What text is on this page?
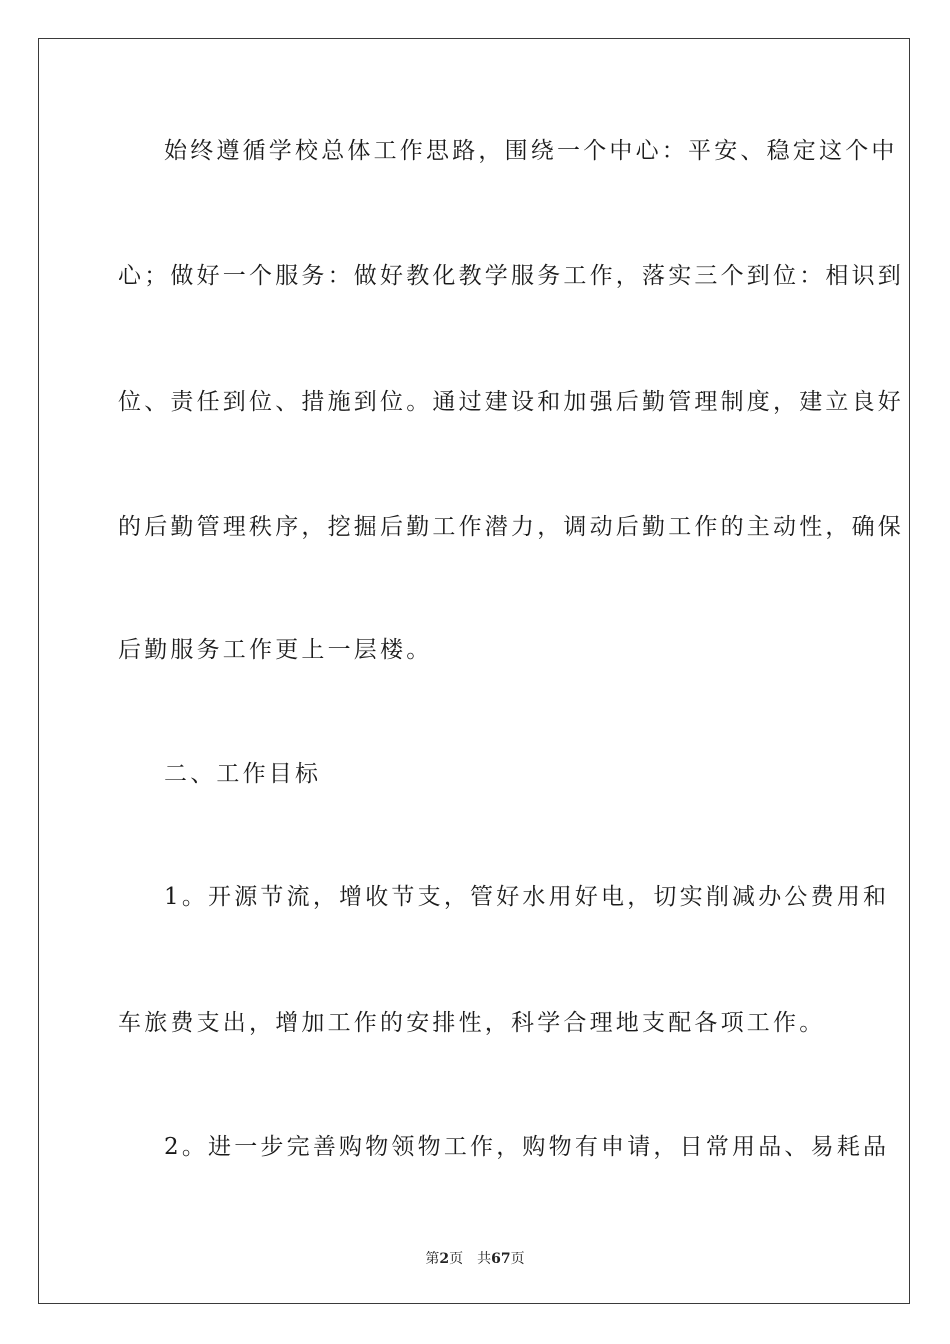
始终遵循学校总体工作思路，围绕一个中心：平安、稳定这个中
心；做好一个服务：做好教化教学服务工作，落实三个到位：相识到
位、责任到位、措施到位。通过建设和加强后勤管理制度，建立良好
的后勤管理秩序，挖掘后勤工作潜力，调动后勤工作的主动性，确保
后勤服务工作更上一层楼。
二、工作目标
1。开源节流，增收节支，管好水用好电，切实削减办公费用和
车旅费支出，增加工作的安排性，科学合理地支配各项工作。
2。进一步完善购物领物工作，购物有申请，日常用品、易耗品
第2页 共67页
